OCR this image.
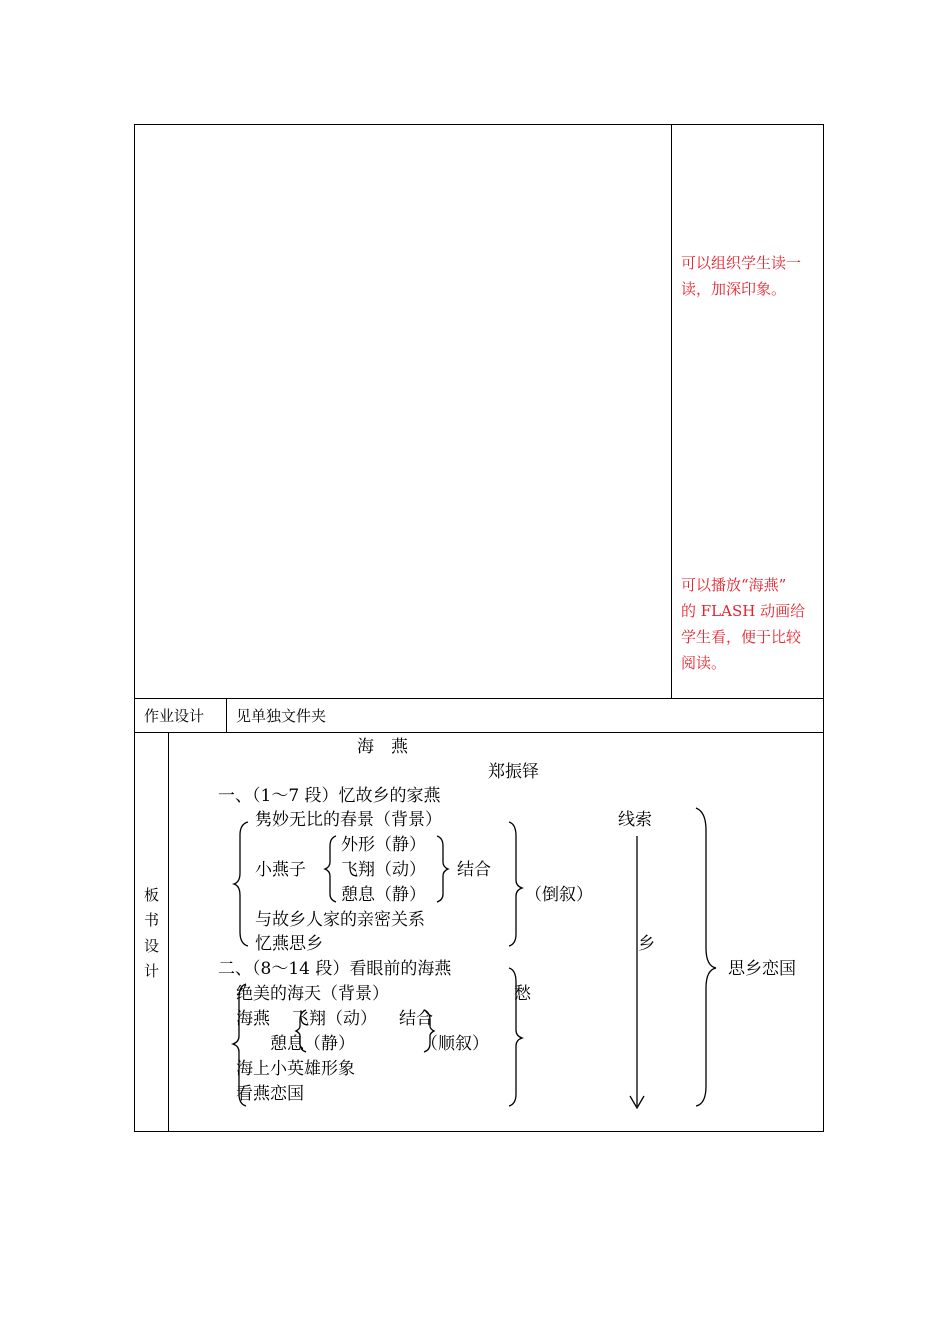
可以组织学生读一
读，加深印象。
可以播放“海燕”
的 FLASH 动画给
学生看，便于比较
阅读。
作业设计 见单独文件夹
板
书
设
计
海　燕
郑振铎
一、（1～7 段）忆故乡的家燕
隽妙无比的春景（背景）
外形（静）
小燕子 飞翔（动） 结合
憩息（静）	（倒叙）
与故乡人家的亲密关系
忆燕思乡
二、（8～14 段）看眼前的海燕
绝美的海天（背景）
海燕 飞翔（动） 结合
憩息（静）	（顺叙）
海上小英雄形象
看燕恋国
线索
乡
愁
思乡恋国
